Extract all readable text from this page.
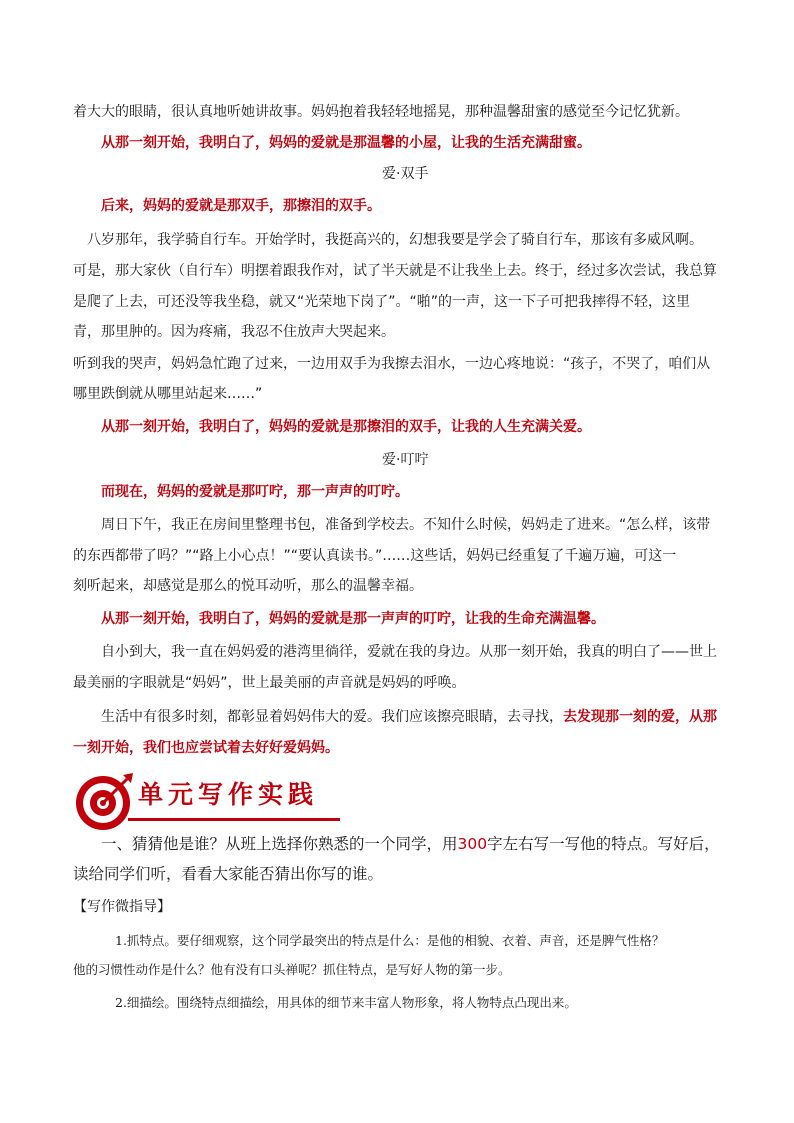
着大大的眼睛，很认真地听她讲故事。妈妈抱着我轻轻地摇晃，那种温馨甜蜜的感觉至今记忆犹新。
从那一刻开始，我明白了，妈妈的爱就是那温馨的小屋，让我的生活充满甜蜜。
爱·双手
后来，妈妈的爱就是那双手，那擦泪的双手。
八岁那年，我学骑自行车。开始学时，我挺高兴的，幻想我要是学会了骑自行车，那该有多威风啊。
可是，那大家伙（自行车）明摆着跟我作对，试了半天就是不让我坐上去。终于，经过多次尝试，我总算
是爬了上去，可还没等我坐稳，就又“光荣地下岗了”。“啪”的一声，这一下子可把我摔得不轻，这里
青，那里肿的。因为疼痛，我忍不住放声大哭起来。
听到我的哭声，妈妈急忙跑了过来，一边用双手为我擦去泪水，一边心疼地说：“孩子，不哭了，咱们从
哪里跌倒就从哪里站起来……”
从那一刻开始，我明白了，妈妈的爱就是那擦泪的双手，让我的人生充满关爱。
爱·叮咛
而现在，妈妈的爱就是那叮咛，那一声声的叮咛。
周日下午，我正在房间里整理书包，准备到学校去。不知什么时候，妈妈走了进来。“怎么样，该带
的东西都带了吗？”“路上小心点！”“要认真读书。”……这些话，妈妈已经重复了千遍万遍，可这一
刻听起来，却感觉是那么的悦耳动听，那么的温馨幸福。
从那一刻开始，我明白了，妈妈的爱就是那一声声的叮咛，让我的生命充满温馨。
自小到大，我一直在妈妈爱的港湾里徜徉，爱就在我的身边。从那一刻开始，我真的明白了——世上
最美丽的字眼就是“妈妈”，世上最美丽的声音就是妈妈的呼唤。
生活中有很多时刻，都彰显着妈妈伟大的爱。我们应该擦亮眼睛，去寻找，去发现那一刻的爱，从那
一刻开始，我们也应尝试着去好好爱妈妈。
单元写作实践
一、猜猜他是谁？从班上选择你熟悉的一个同学，用300字左右写一写他的特点。写好后，
读给同学们听，看看大家能否猜出你写的谁。
【写作微指导】
1.抓特点。要仔细观察，这个同学最突出的特点是什么：是他的相貌、衣着、声音，还是脾气性格？
他的习惯性动作是什么？他有没有口头禅呢？抓住特点，是写好人物的第一步。
2.细描绘。围绕特点细描绘，用具体的细节来丰富人物形象，将人物特点凸现出来。
